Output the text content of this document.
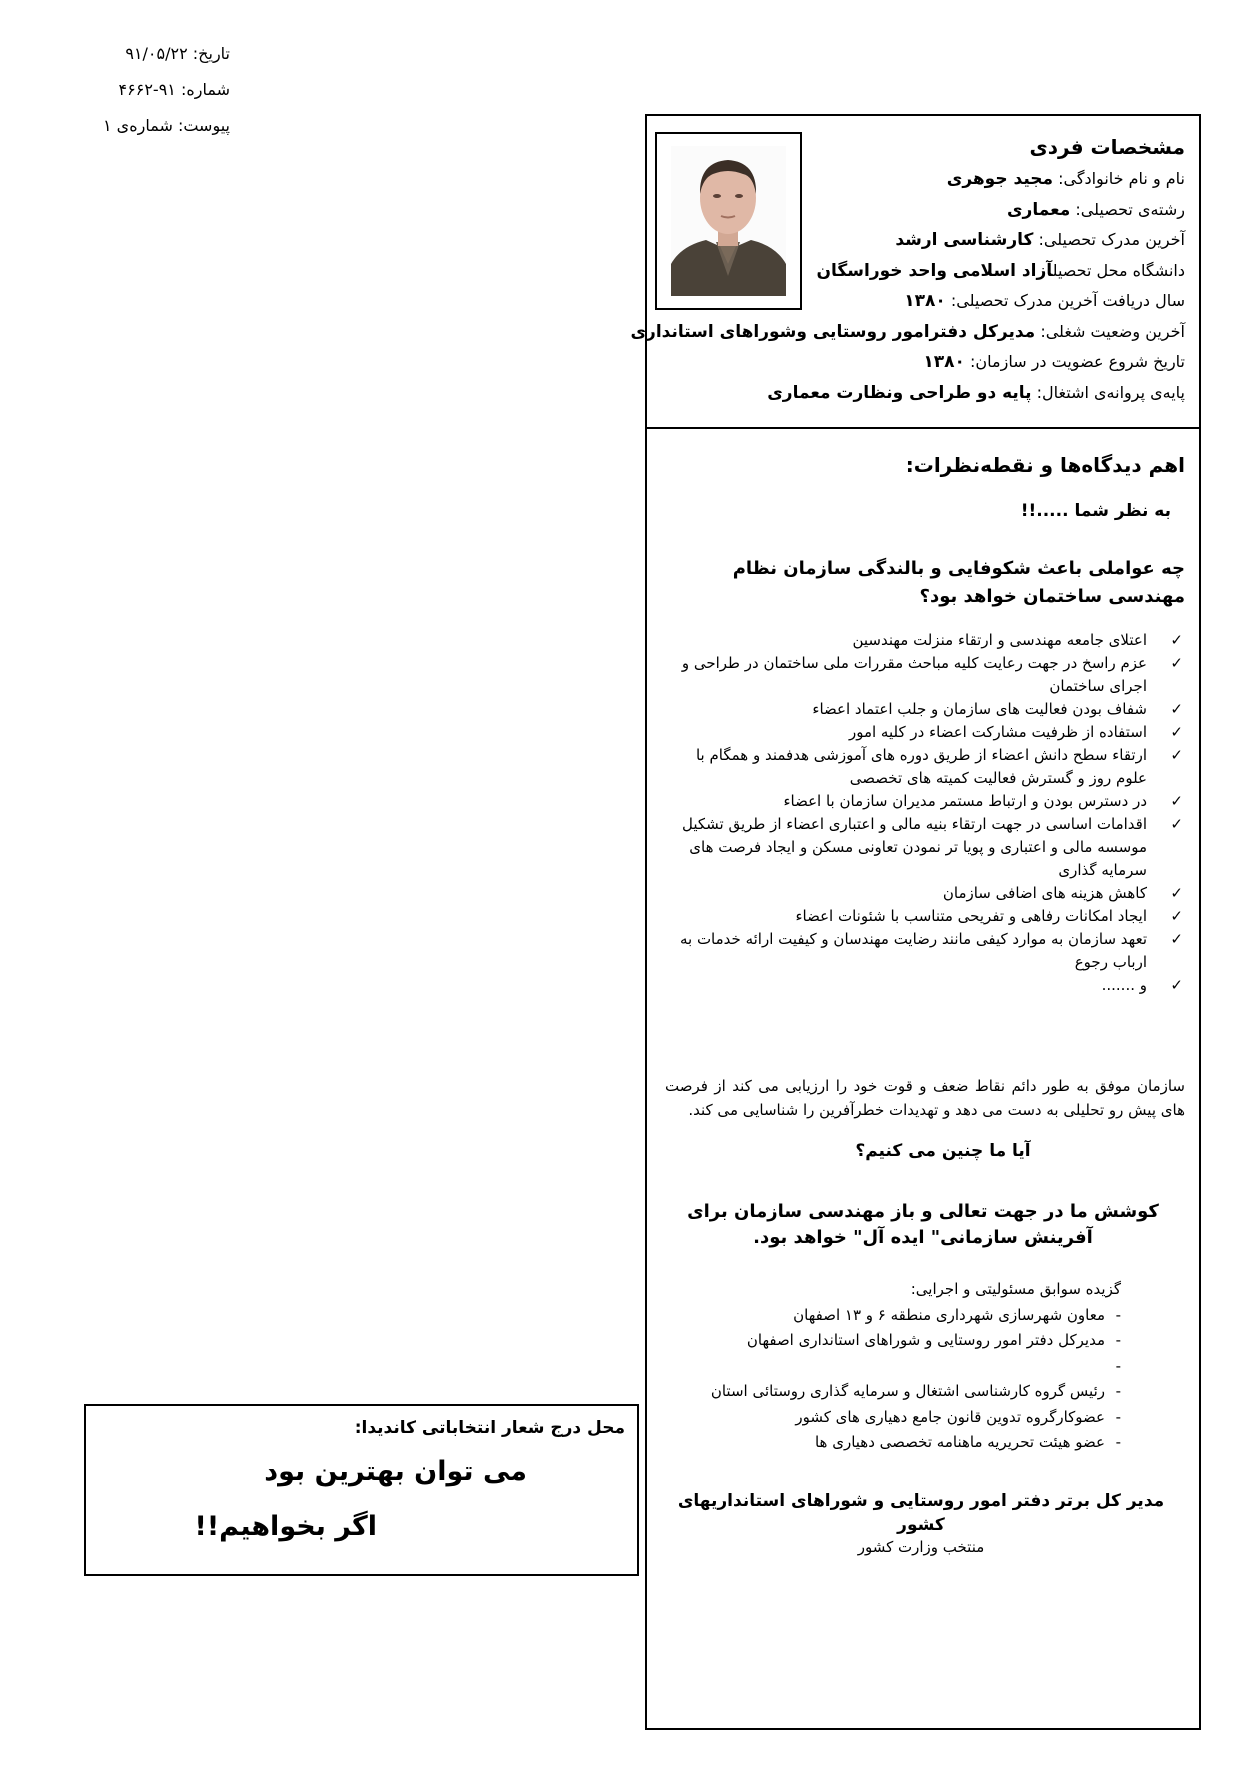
تاریخ: ۹۱/۰۵/۲۲
شماره: ۹۱-۴۶۶۲
پیوست: شماره‌ی ۱
مشخصات فردی
نام و نام خانوادگی: مجید جوهری
رشته‌ی تحصیلی: معماری
آخرین مدرک تحصیلی: کارشناسی ارشد
دانشگاه محل تحصیلآزاد اسلامی واحد خوراسگان
سال دریافت آخرین مدرک تحصیلی: ۱۳۸۰
آخرین وضعیت شغلی: مدیرکل دفترامور روستایی وشوراهای استانداری
تاریخ شروع عضویت در سازمان: ۱۳۸۰
پایه‌ی پروانه‌ی اشتغال: پایه دو طراحی ونظارت معماری
اهم دیدگاه‌ها و نقطه‌نظرات:
به نظر شما .....!!
چه عواملی باعث شکوفایی و بالندگی سازمان نظام مهندسی ساختمان خواهد بود؟
✓
اعتلای جامعه مهندسی و ارتقاء منزلت مهندسین
✓
عزم راسخ در جهت رعایت کلیه مباحث مقررات ملی ساختمان در طراحی و اجرای ساختمان
✓
شفاف بودن فعالیت های سازمان و جلب اعتماد اعضاء
✓
استفاده از ظرفیت مشارکت اعضاء در کلیه امور
✓
ارتقاء سطح دانش اعضاء از طریق دوره های آموزشی هدفمند و همگام با علوم روز و گسترش فعالیت کمیته های تخصصی
✓
در دسترس بودن و ارتباط مستمر مدیران سازمان با اعضاء
✓
اقدامات اساسی در جهت ارتقاء بنیه مالی و اعتباری اعضاء از طریق تشکیل موسسه مالی و اعتباری و پویا تر نمودن تعاونی مسکن و ایجاد فرصت های سرمایه گذاری
✓
کاهش هزینه های اضافی سازمان
✓
ایجاد امکانات رفاهی و تفریحی متناسب با شئونات اعضاء
✓
تعهد سازمان به موارد کیفی مانند رضایت مهندسان و کیفیت ارائه خدمات به ارباب رجوع
✓
و .......
سازمان موفق به طور دائم نقاط ضعف و قوت خود را ارزیابی می کند از فرصت های پیش رو تحلیلی به دست می دهد و تهدیدات خطرآفرین را شناسایی می کند.
آیا ما چنین می کنیم؟
کوشش ما در جهت تعالی و باز مهندسی سازمان برای آفرینش سازمانی" ایده آل" خواهد بود.
گزیده سوابق مسئولیتی و اجرایی:
-
معاون شهرسازی شهرداری منطقه ۶ و ۱۳ اصفهان
-
مدیرکل دفتر امور روستایی و شوراهای استانداری اصفهان
-
-
رئیس گروه کارشناسی اشتغال و سرمایه گذاری روستائی استان
-
عضوکارگروه تدوین قانون جامع دهیاری های کشور
-
عضو هیئت تحریریه ماهنامه تخصصی دهیاری ها
مدیر کل برتر دفتر امور روستایی و شوراهای استانداریهای کشور
منتخب وزارت کشور
محل درج شعار انتخاباتی کاندیدا:
می توان بهترین بود
اگر بخواهیم!!
